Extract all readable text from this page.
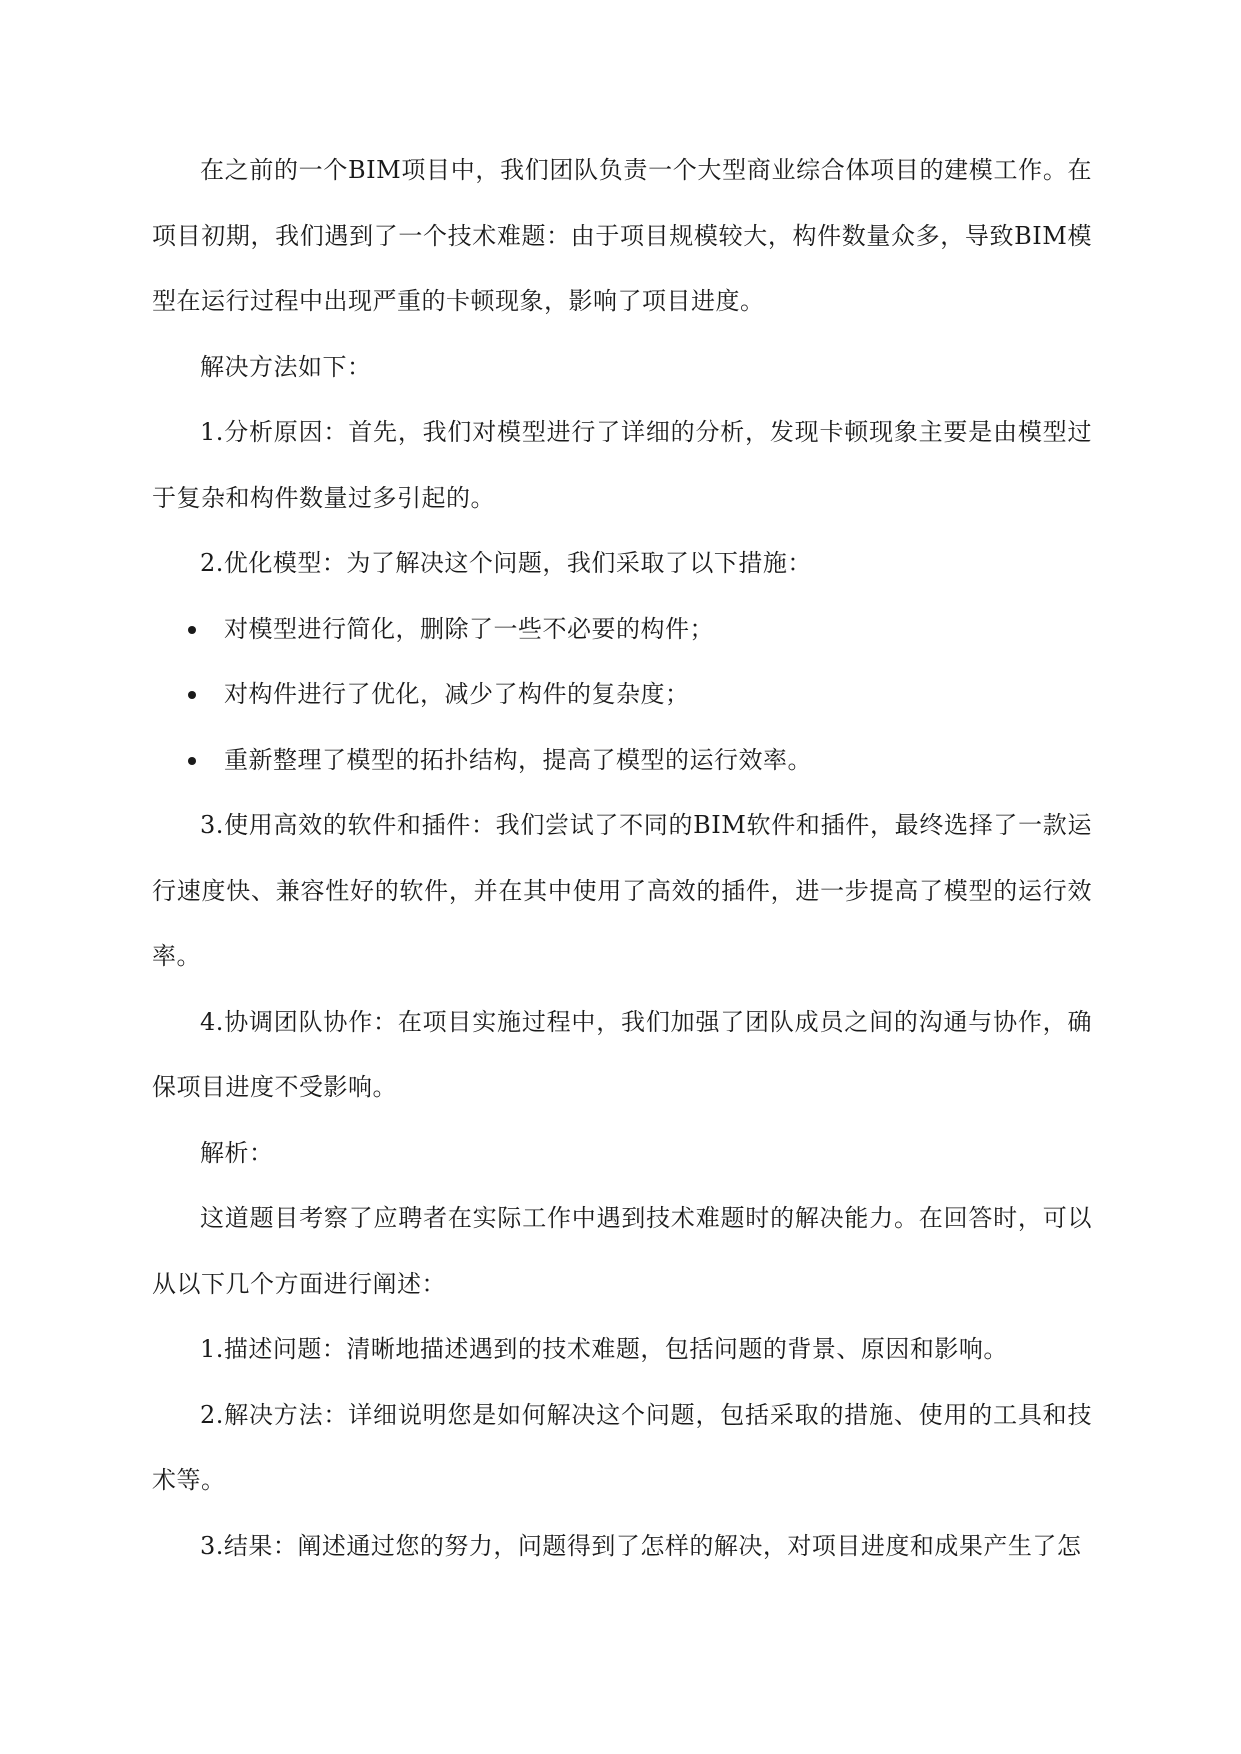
在之前的一个BIM项目中，我们团队负责一个大型商业综合体项目的建模工作。在项目初期，我们遇到了一个技术难题：由于项目规模较大，构件数量众多，导致BIM模型在运行过程中出现严重的卡顿现象，影响了项目进度。

解决方法如下：

1.分析原因：首先，我们对模型进行了详细的分析，发现卡顿现象主要是由模型过于复杂和构件数量过多引起的。

2.优化模型：为了解决这个问题，我们采取了以下措施：

对模型进行简化，删除了一些不必要的构件；
对构件进行了优化，减少了构件的复杂度；
重新整理了模型的拓扑结构，提高了模型的运行效率。

3.使用高效的软件和插件：我们尝试了不同的BIM软件和插件，最终选择了一款运行速度快、兼容性好的软件，并在其中使用了高效的插件，进一步提高了模型的运行效率。

4.协调团队协作：在项目实施过程中，我们加强了团队成员之间的沟通与协作，确保项目进度不受影响。

解析：

这道题目考察了应聘者在实际工作中遇到技术难题时的解决能力。在回答时，可以从以下几个方面进行阐述：

1.描述问题：清晰地描述遇到的技术难题，包括问题的背景、原因和影响。

2.解决方法：详细说明您是如何解决这个问题，包括采取的措施、使用的工具和技术等。

3.结果：阐述通过您的努力，问题得到了怎样的解决，对项目进度和成果产生了怎
